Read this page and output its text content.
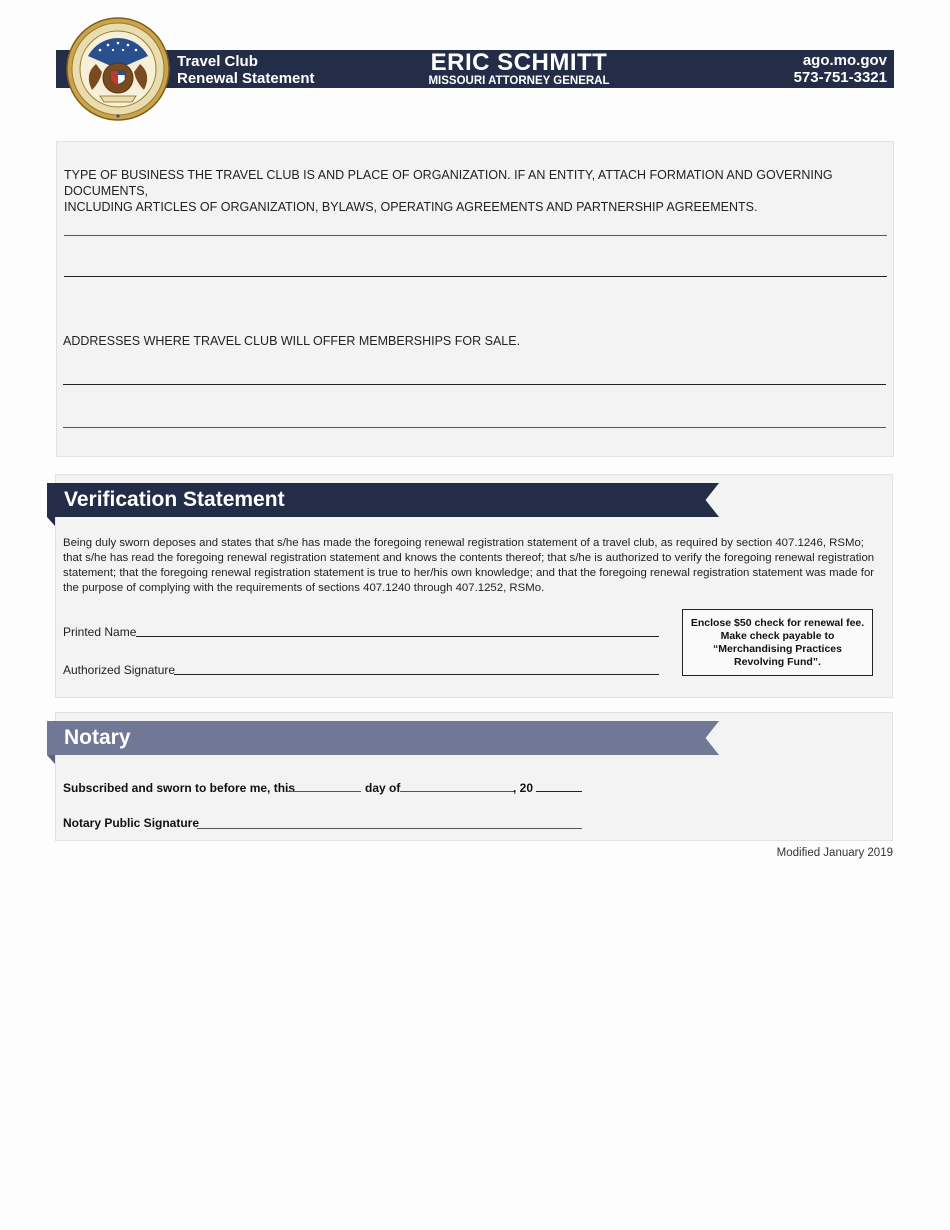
Travel Club
Renewal Statement
ERIC SCHMITT
MISSOURI ATTORNEY GENERAL
ago.mo.gov
573-751-3321
TYPE OF BUSINESS THE TRAVEL CLUB IS AND PLACE OF ORGANIZATION. IF AN ENTITY, ATTACH FORMATION AND GOVERNING DOCUMENTS,
INCLUDING ARTICLES OF ORGANIZATION, BYLAWS, OPERATING AGREEMENTS AND PARTNERSHIP AGREEMENTS.
ADDRESSES WHERE TRAVEL CLUB WILL OFFER MEMBERSHIPS FOR SALE.
Verification Statement
Being duly sworn deposes and states that s/he has made the foregoing renewal registration statement of a travel club, as required by section 407.1246, RSMo; that s/he has read the foregoing renewal registration statement and knows the contents thereof; that s/he is authorized to verify the foregoing renewal registration statement; that the foregoing renewal registration statement is true to her/his own knowledge; and that the foregoing renewal registration statement was made for the purpose of complying with the requirements of sections 407.1240 through 407.1252, RSMo.
Printed Name
Authorized Signature
Enclose $50 check for renewal fee.
Make check payable to
“Merchandising Practices
Revolving Fund”.
Notary
Subscribed and sworn to before me, this	day of	, 20
Notary Public Signature
Modified January 2019
